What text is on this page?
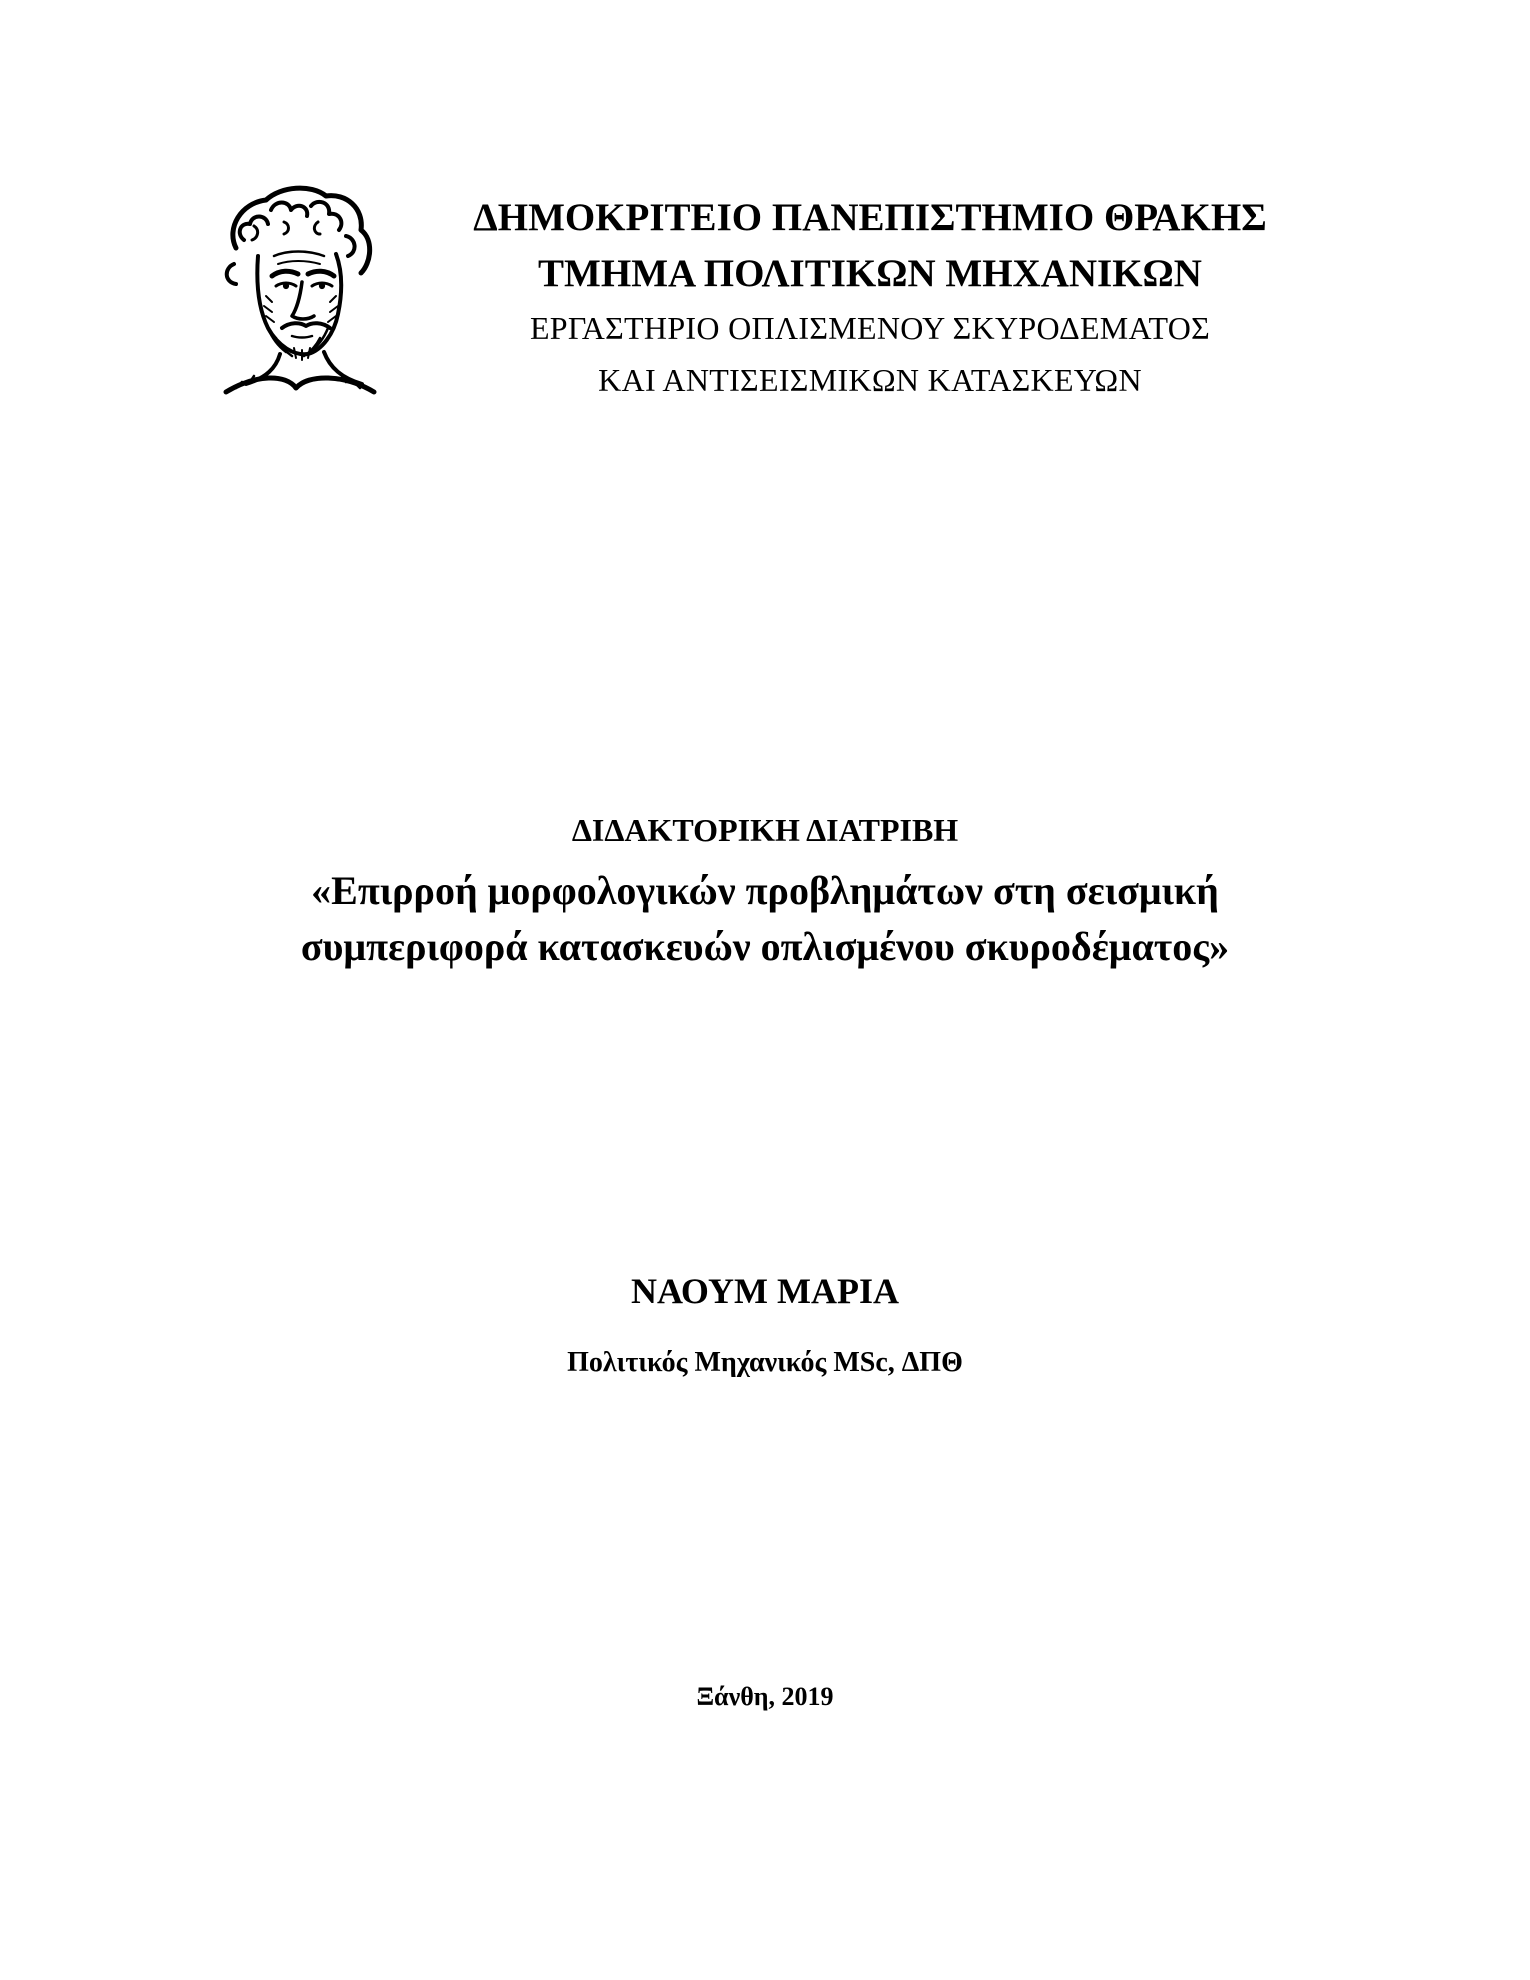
ΔΗΜΟΚΡΙΤΕΙΟ ΠΑΝΕΠΙΣΤΗΜΙΟ ΘΡΑΚΗΣ

ΤΜΗΜΑ ΠΟΛΙΤΙΚΩΝ ΜΗΧΑΝΙΚΩΝ

ΕΡΓΑΣΤΗΡΙΟ ΟΠΛΙΣΜΕΝΟΥ ΣΚΥΡΟΔΕΜΑΤΟΣ

ΚΑΙ ΑΝΤΙΣΕΙΣΜΙΚΩΝ ΚΑΤΑΣΚΕΥΩΝ

ΔΙΔΑΚΤΟΡΙΚΗ ΔΙΑΤΡΙΒΗ

«Επιρροή μορφολογικών προβλημάτων στη σεισμική

συμπεριφορά κατασκευών οπλισμένου σκυροδέματος»

ΝΑΟΥΜ ΜΑΡΙΑ

Πολιτικός Μηχανικός MSc, ΔΠΘ

Ξάνθη, 2019
